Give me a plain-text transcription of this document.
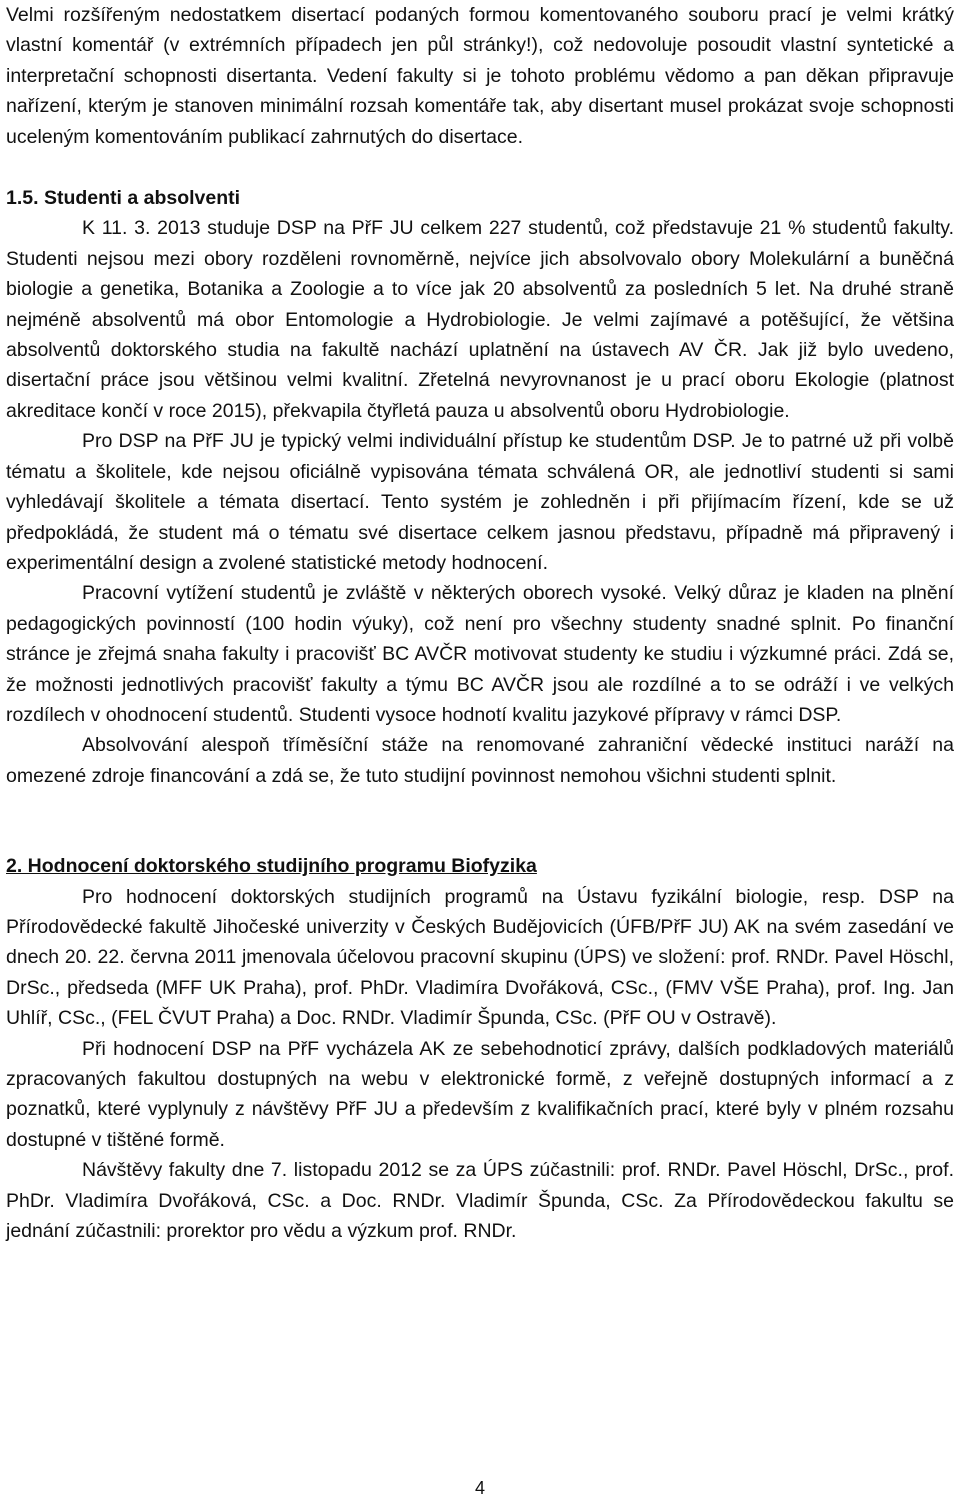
Velmi rozšířeným nedostatkem disertací podaných formou komentovaného souboru prací je velmi krátký vlastní komentář (v extrémních případech jen půl stránky!), což nedovoluje posoudit vlastní syntetické a interpretační schopnosti disertanta. Vedení fakulty si je tohoto problému vědomo a pan děkan připravuje nařízení, kterým je stanoven minimální rozsah komentáře tak, aby disertant musel prokázat svoje schopnosti uceleným komentováním publikací zahrnutých do disertace.

1.5. Studenti a absolventi

K 11. 3. 2013 studuje DSP na PřF JU celkem 227 studentů, což představuje 21 % studentů fakulty. Studenti nejsou mezi obory rozděleni rovnoměrně, nejvíce jich absolvovalo obory Molekulární a buněčná biologie a genetika, Botanika a Zoologie a to více jak 20 absolventů za posledních 5 let. Na druhé straně nejméně absolventů má obor Entomologie a Hydrobiologie. Je velmi zajímavé a potěšující, že většina absolventů doktorského studia na fakultě nachází uplatnění na ústavech AV ČR. Jak již bylo uvedeno, disertační práce jsou většinou velmi kvalitní. Zřetelná nevyrovnanost je u prací oboru Ekologie (platnost akreditace končí v roce 2015), překvapila čtyřletá pauza u absolventů oboru Hydrobiologie.

Pro DSP na PřF JU je typický velmi individuální přístup ke studentům DSP. Je to patrné už při volbě tématu a školitele, kde nejsou oficiálně vypisována témata schválená OR, ale jednotliví studenti si sami vyhledávají školitele a témata disertací. Tento systém je zohledněn i při přijímacím řízení, kde se už předpokládá, že student má o tématu své disertace celkem jasnou představu, případně má připravený i experimentální design a zvolené statistické metody hodnocení.

Pracovní vytížení studentů je zvláště v některých oborech vysoké. Velký důraz je kladen na plnění pedagogických povinností (100 hodin výuky), což není pro všechny studenty snadné splnit. Po finanční stránce je zřejmá snaha fakulty i pracovišť BC AVČR motivovat studenty ke studiu i výzkumné práci. Zdá se, že možnosti jednotlivých pracovišť fakulty a týmu BC AVČR jsou ale rozdílné a to se odráží i ve velkých rozdílech v ohodnocení studentů. Studenti vysoce hodnotí kvalitu jazykové přípravy v rámci DSP.

Absolvování alespoň tříměsíční stáže na renomované zahraniční vědecké instituci naráží na omezené zdroje financování a zdá se, že tuto studijní povinnost nemohou všichni studenti splnit.

2. Hodnocení doktorského studijního programu Biofyzika

Pro hodnocení doktorských studijních programů na Ústavu fyzikální biologie, resp. DSP na Přírodovědecké fakultě Jihočeské univerzity v Českých Budějovicích (ÚFB/PřF JU) AK na svém zasedání ve dnech 20. 22. června 2011 jmenovala účelovou pracovní skupinu (ÚPS) ve složení: prof. RNDr. Pavel Höschl, DrSc., předseda (MFF UK Praha), prof. PhDr. Vladimíra Dvořáková, CSc., (FMV VŠE Praha), prof. Ing. Jan Uhlíř, CSc., (FEL ČVUT Praha) a Doc. RNDr. Vladimír Špunda, CSc. (PřF OU v Ostravě).

Při hodnocení DSP na PřF vycházela AK ze sebehodnoticí zprávy, dalších podkladových materiálů zpracovaných fakultou dostupných na webu v elektronické formě, z veřejně dostupných informací a z poznatků, které vyplynuly z návštěvy PřF JU a především z kvalifikačních prací, které byly v plném rozsahu dostupné v tištěné formě.

Návštěvy fakulty dne 7. listopadu 2012 se za ÚPS zúčastnili: prof. RNDr. Pavel Höschl, DrSc., prof. PhDr. Vladimíra Dvořáková, CSc. a Doc. RNDr. Vladimír Špunda, CSc. Za Přírodovědeckou fakultu se jednání zúčastnili: prorektor pro vědu a výzkum prof. RNDr.

4
